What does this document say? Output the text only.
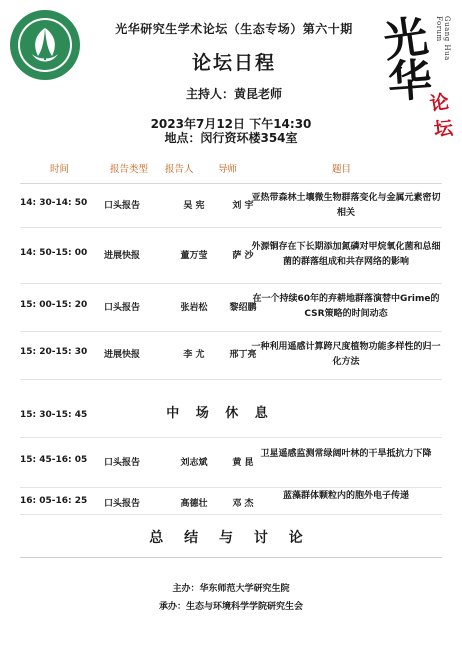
Guang Hua Forum
光
华
论
坛
光华研究生学术论坛（生态专场）第六十期
论坛日程
主持人：黄昆老师
2023年7月12日 下午14:30
地点：闵行资环楼354室
时间	报告类型 报告人	导师	题目
14: 30-14: 50 口头报告	吴 宪	刘 宇
亚热带森林土壤微生物群落变化与金属元素密切相关
14: 50-15: 00 进展快报	董万莹	萨 沙
外源铜存在下长期添加氮磷对甲烷氧化菌和总细菌的群落组成和共存网络的影响
15: 00-15: 20 口头报告	张岩松	黎绍鹏
在一个持续60年的弃耕地群落演替中Grime的CSR策略的时间动态
15: 20-15: 30 进展快报	李 尤	邢丁亮
一种利用遥感计算跨尺度植物功能多样性的归一化方法
15: 30-15: 45	中 场 休 息
15: 45-16: 05 口头报告	刘志斌	黄 昆
卫星遥感监测常绿阔叶林的干旱抵抗力下降
16: 05-16: 25 口头报告	高德壮	邓 杰
蓝藻群体颗粒内的胞外电子传递
总 结 与 讨 论
主办：华东师范大学研究生院
承办：生态与环境科学学院研究生会
